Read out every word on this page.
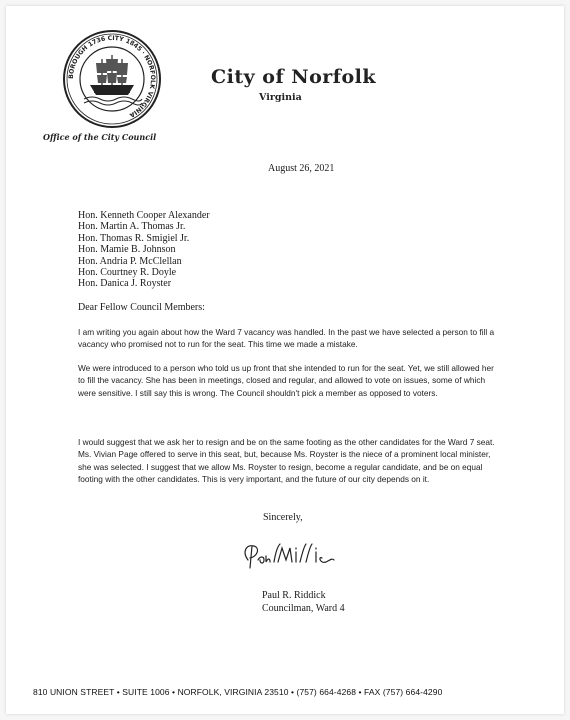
BOROUGH 1736 CITY 1845 · NORFOLK VIRGINIA
City of Norfolk
Virginia
Office of the City Council
August 26, 2021
Hon. Kenneth Cooper Alexander
Hon. Martin A. Thomas Jr.
Hon. Thomas R. Smigiel Jr.
Hon. Mamie B. Johnson
Hon. Andria P. McClellan
Hon. Courtney R. Doyle
Hon. Danica J. Royster
Dear Fellow Council Members:

I am writing you again about how the Ward 7 vacancy was handled. In the past we have selected a person to fill a vacancy who promised not to run for the seat. This time we made a mistake.

We were introduced to a person who told us up front that she intended to run for the seat. Yet, we still allowed her to fill the vacancy. She has been in meetings, closed and regular, and allowed to vote on issues, some of which were sensitive. I still say this is wrong. The Council shouldn't pick a member as opposed to voters.

I would suggest that we ask her to resign and be on the same footing as the other candidates for the Ward 7 seat. Ms. Vivian Page offered to serve in this seat, but, because Ms. Royster is the niece of a prominent local minister, she was selected. I suggest that we allow Ms. Royster to resign, become a regular candidate, and be on equal footing with the other candidates. This is very important, and the future of our city depends on it.

Sincerely,
Paul R. Riddick
Councilman, Ward 4
810 UNION STREET • SUITE 1006 • NORFOLK, VIRGINIA 23510 • (757) 664-4268 • FAX (757) 664-4290
